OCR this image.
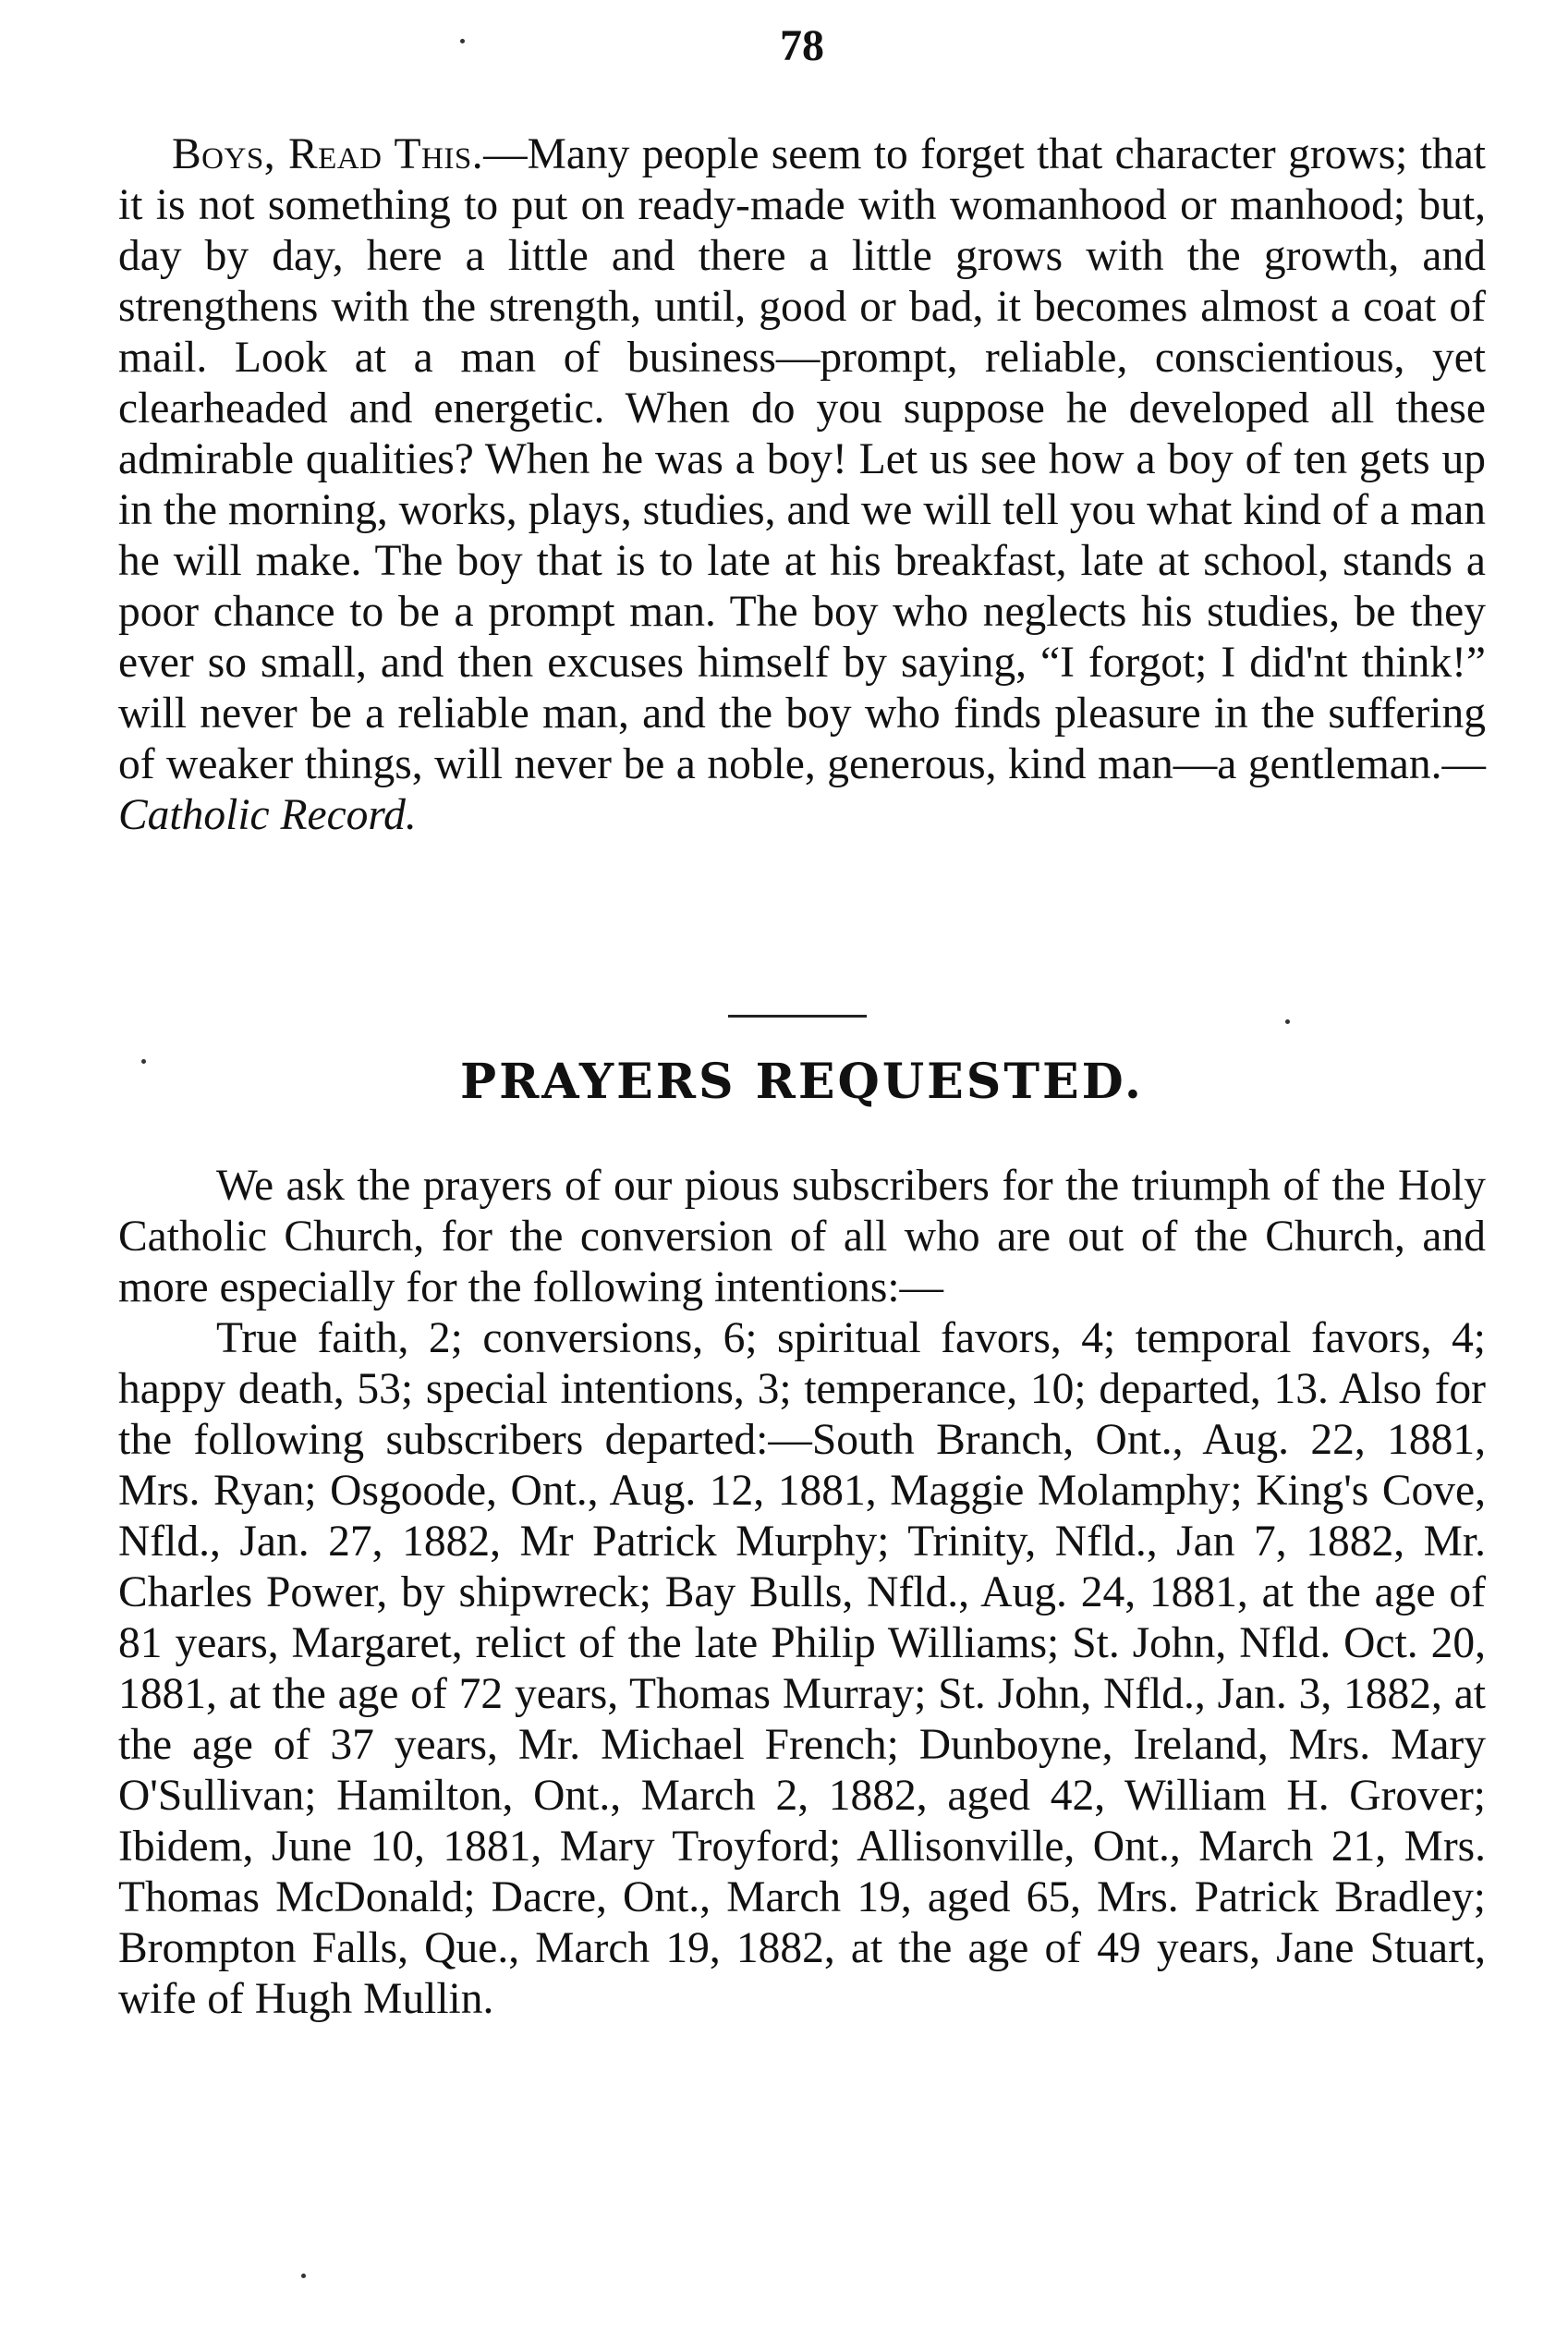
78

Boys, Read This.—Many people seem to forget that character grows; that it is not something to put on ready-made with womanhood or manhood; but, day by day, here a little and there a little grows with the growth, and strengthens with the strength, until, good or bad, it becomes almost a coat of mail. Look at a man of business—prompt, reliable, conscientious, yet clearheaded and energetic. When do you suppose he developed all these admirable qualities? When he was a boy! Let us see how a boy of ten gets up in the morning, works, plays, studies, and we will tell you what kind of a man he will make. The boy that is to late at his breakfast, late at school, stands a poor chance to be a prompt man. The boy who neglects his studies, be they ever so small, and then excuses himself by saying, “I forgot; I did'nt think!” will never be a reliable man, and the boy who finds pleasure in the suffering of weaker things, will never be a noble, generous, kind man—a gentleman.—Catholic Record.

PRAYERS REQUESTED.

We ask the prayers of our pious subscribers for the triumph of the Holy Catholic Church, for the conversion of all who are out of the Church, and more especially for the following intentions:—

True faith, 2; conversions, 6; spiritual favors, 4; temporal favors, 4; happy death, 53; special intentions, 3; temperance, 10; departed, 13. Also for the following subscribers departed:—South Branch, Ont., Aug. 22, 1881, Mrs. Ryan; Osgoode, Ont., Aug. 12, 1881, Maggie Molamphy; King's Cove, Nfld., Jan. 27, 1882, Mr Patrick Murphy; Trinity, Nfld., Jan 7, 1882, Mr. Charles Power, by shipwreck; Bay Bulls, Nfld., Aug. 24, 1881, at the age of 81 years, Margaret, relict of the late Philip Williams; St. John, Nfld. Oct. 20, 1881, at the age of 72 years, Thomas Murray; St. John, Nfld., Jan. 3, 1882, at the age of 37 years, Mr. Michael French; Dunboyne, Ireland, Mrs. Mary O'Sullivan; Hamilton, Ont., March 2, 1882, aged 42, William H. Grover; Ibidem, June 10, 1881, Mary Troyford; Allisonville, Ont., March 21, Mrs. Thomas McDonald; Dacre, Ont., March 19, aged 65, Mrs. Patrick Bradley; Brompton Falls, Que., March 19, 1882, at the age of 49 years, Jane Stuart, wife of Hugh Mullin.
